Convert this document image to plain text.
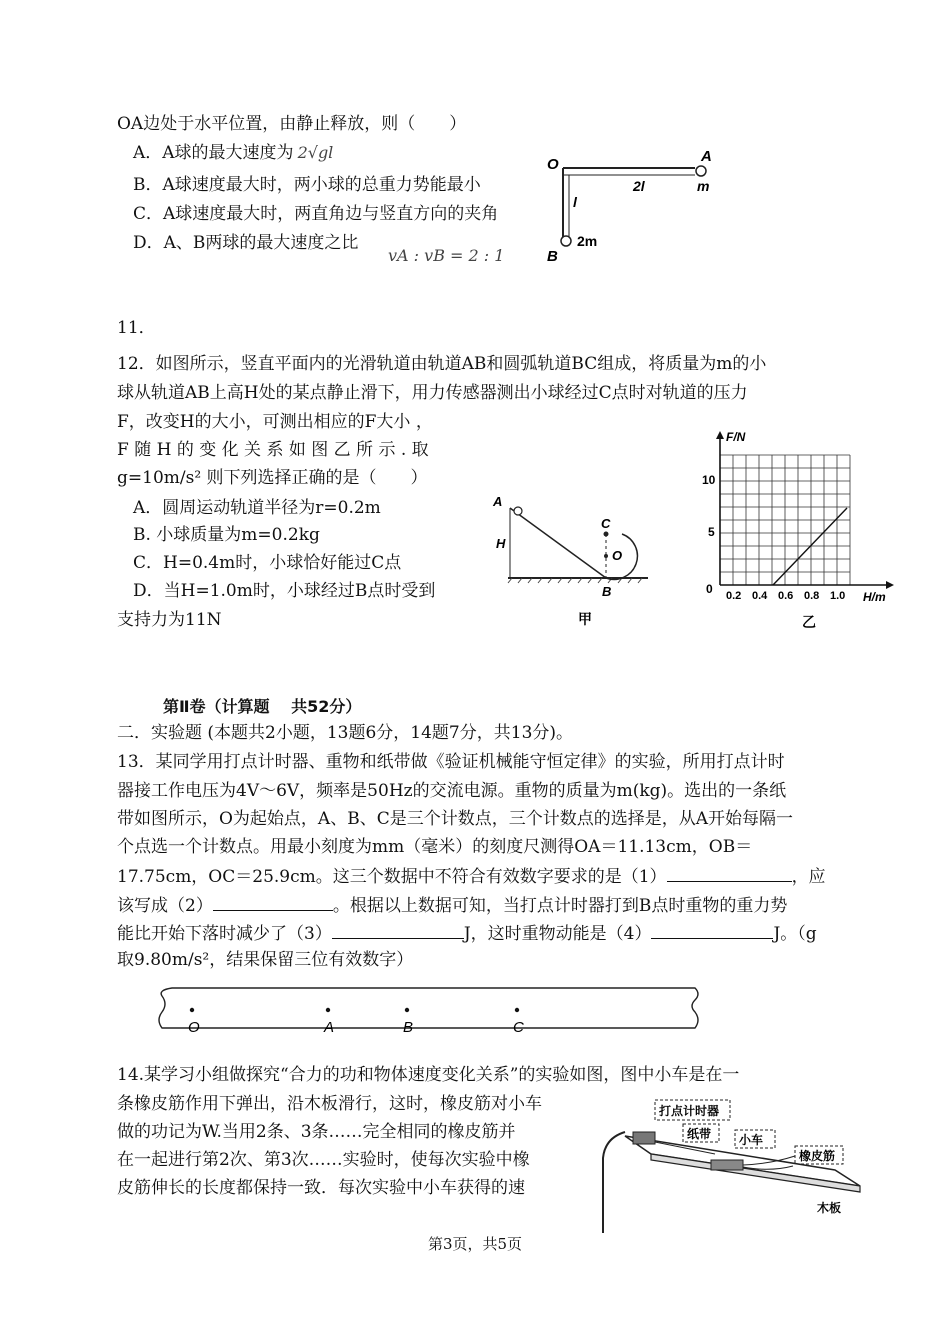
OA边处于水平位置，由静止释放，则（　　）
A．A球的最大速度为 2√gl
B．A球速度最大时，两小球的总重力势能最小
C．A球速度最大时，两直角边与竖直方向的夹角
D．A、B两球的最大速度之比
vA : vB = 2 : 1
O	A
m
2l
l
2m
B
11．
12．如图所示，竖直平面内的光滑轨道由轨道AB和圆弧轨道BC组成，将质量为m的小
球从轨道AB上高H处的某点静止滑下，用力传感器测出小球经过C点时对轨道的压力
F，改变H的大小，可测出相应的F大小 ，
F 随 H 的 变 化 关 系 如 图 乙 所 示 . 取
g=10m/s² 则下列选择正确的是（　　）
A．圆周运动轨道半径为r=0.2m
B. 小球质量为m=0.2kg
C．H=0.4m时，小球恰好能过C点
D．当H=1.0m时，小球经过B点时受到
支持力为11N
A
H
C
O
B
甲
F/N
H/m
10
5
0 0.2 0.4 0.6 0.8 1.0
乙
第Ⅱ卷（计算题　 共52分）
二．实验题 (本题共2小题，13题6分，14题7分，共13分)。
13．某同学用打点计时器、重物和纸带做《验证机械能守恒定律》的实验，所用打点计时
器接工作电压为4V～6V，频率是50Hz的交流电源。重物的质量为m(kg)。选出的一条纸
带如图所示，O为起始点，A、B、C是三个计数点，三个计数点的选择是，从A开始每隔一
个点选一个计数点。用最小刻度为mm（毫米）的刻度尺测得OA＝11.13cm，OB＝
17.75cm，OC＝25.9cm。这三个数据中不符合有效数字要求的是（1）	，应
该写成（2）	。根据以上数据可知，当打点计时器打到B点时重物的重力势
能比开始下落时减少了（3）	J，这时重物动能是（4）	J。（g
取9.80m/s²，结果保留三位有效数字）
O	A	B	C
14.某学习小组做探究“合力的功和物体速度变化关系”的实验如图，图中小车是在一
条橡皮筋作用下弹出，沿木板滑行，这时，橡皮筋对小车
做的功记为W.当用2条、3条……完全相同的橡皮筋并
在一起进行第2次、第3次……实验时，使每次实验中橡
皮筋伸长的长度都保持一致．每次实验中小车获得的速
打点计时器
纸带 小车
橡皮筋
木板
第3页，共5页
